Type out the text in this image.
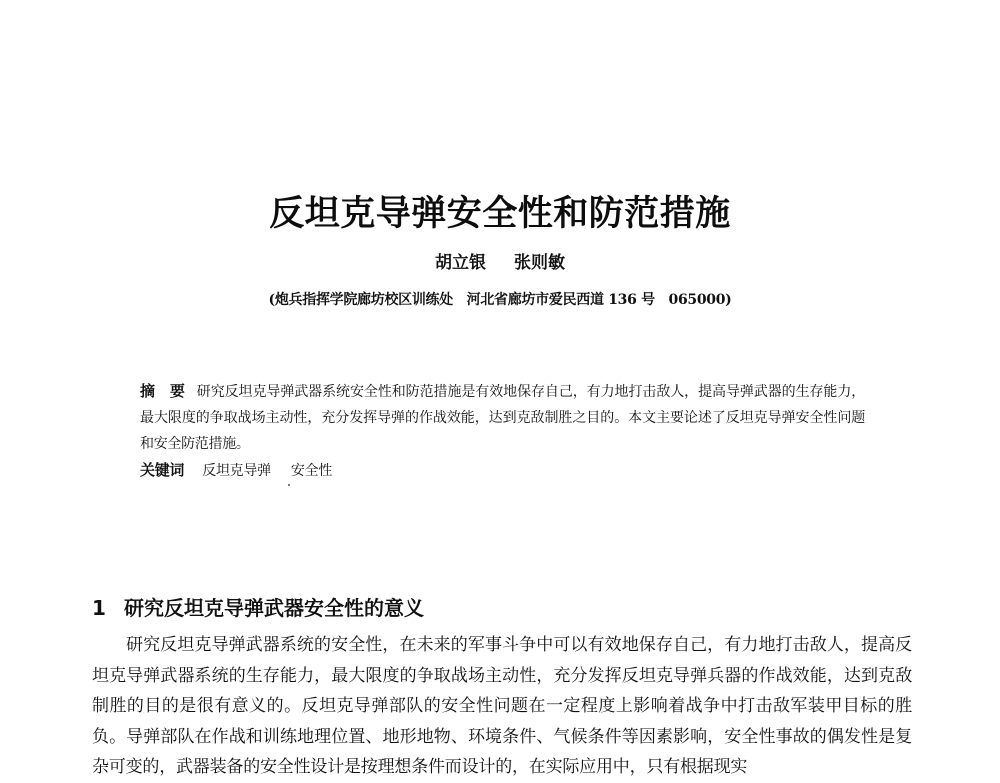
反坦克导弹安全性和防范措施
胡立银 张则敏
(炮兵指挥学院廊坊校区训练处　河北省廊坊市爱民西道 136 号　065000)
摘　要 研究反坦克导弹武器系统安全性和防范措施是有效地保存自己，有力地打击敌人，提高导弹武器的生存能力，最大限度的争取战场主动性，充分发挥导弹的作战效能，达到克敌制胜之目的。本文主要论述了反坦克导弹安全性问题和安全防范措施。
关键词 反坦克导弹 安全性
1 研究反坦克导弹武器安全性的意义
研究反坦克导弹武器系统的安全性，在未来的军事斗争中可以有效地保存自己，有力地打击敌人，提高反坦克导弹武器系统的生存能力，最大限度的争取战场主动性，充分发挥反坦克导弹兵器的作战效能，达到克敌制胜的目的是很有意义的。反坦克导弹部队的安全性问题在一定程度上影响着战争中打击敌军装甲目标的胜负。导弹部队在作战和训练地理位置、地形地物、环境条件、气候条件等因素影响，安全性事故的偶发性是复杂可变的，武器装备的安全性设计是按理想条件而设计的，在实际应用中，只有根据现实
